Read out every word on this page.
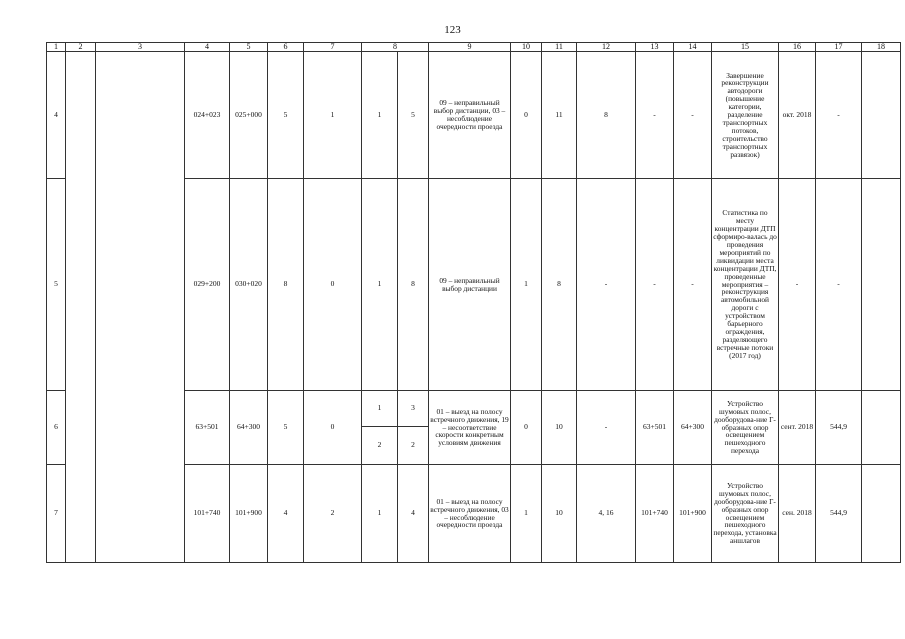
123
1	2	3	4	5	6	7	8		9	10	11	12	13	14	15	16	17	18
4			024+023	025+000	5	1	1	5	09 – неправильный выбор дистанции, 03 – несоблюдение очередности проезда	0	11	8	-	-	Завершение реконструкции автодороги (повышение категории, разделение транспортных потоков, строительство транспортных развязок)	окт. 2018	-	
5			029+200	030+020	8	0	1	8	09 – неправильный выбор дистанции	1	8	-	-	-	Статистика по месту концентрации ДТП сформиро-валась до проведения мероприятий по ликвидации места концентрации ДТП, проведенные мероприятия – реконструкция автомобильной дороги с устройством барьерного ограждения, разделяющего встречные потоки (2017 год)	-	-	
6			63+501	64+300	5	0	1	3	01 – выезд на полосу встречного движения, 19 – несоответствие скорости конкретным условиям движения	0	10	-	63+501	64+300	Устройство шумовых полос, дооборудова-ние Г-образных опор освещением пешеходного перехода	сент. 2018	544,9	
							2	2										
7			101+740	101+900	4	2	1	4	01 – выезд на полосу встречного движения, 03 – несоблюдение очередности проезда	1	10	4, 16	101+740	101+900	Устройство шумовых полос, дооборудова-ние Г-образных опор освещением пешеходного перехода, установка аншлагов	сен. 2018	544,9	
